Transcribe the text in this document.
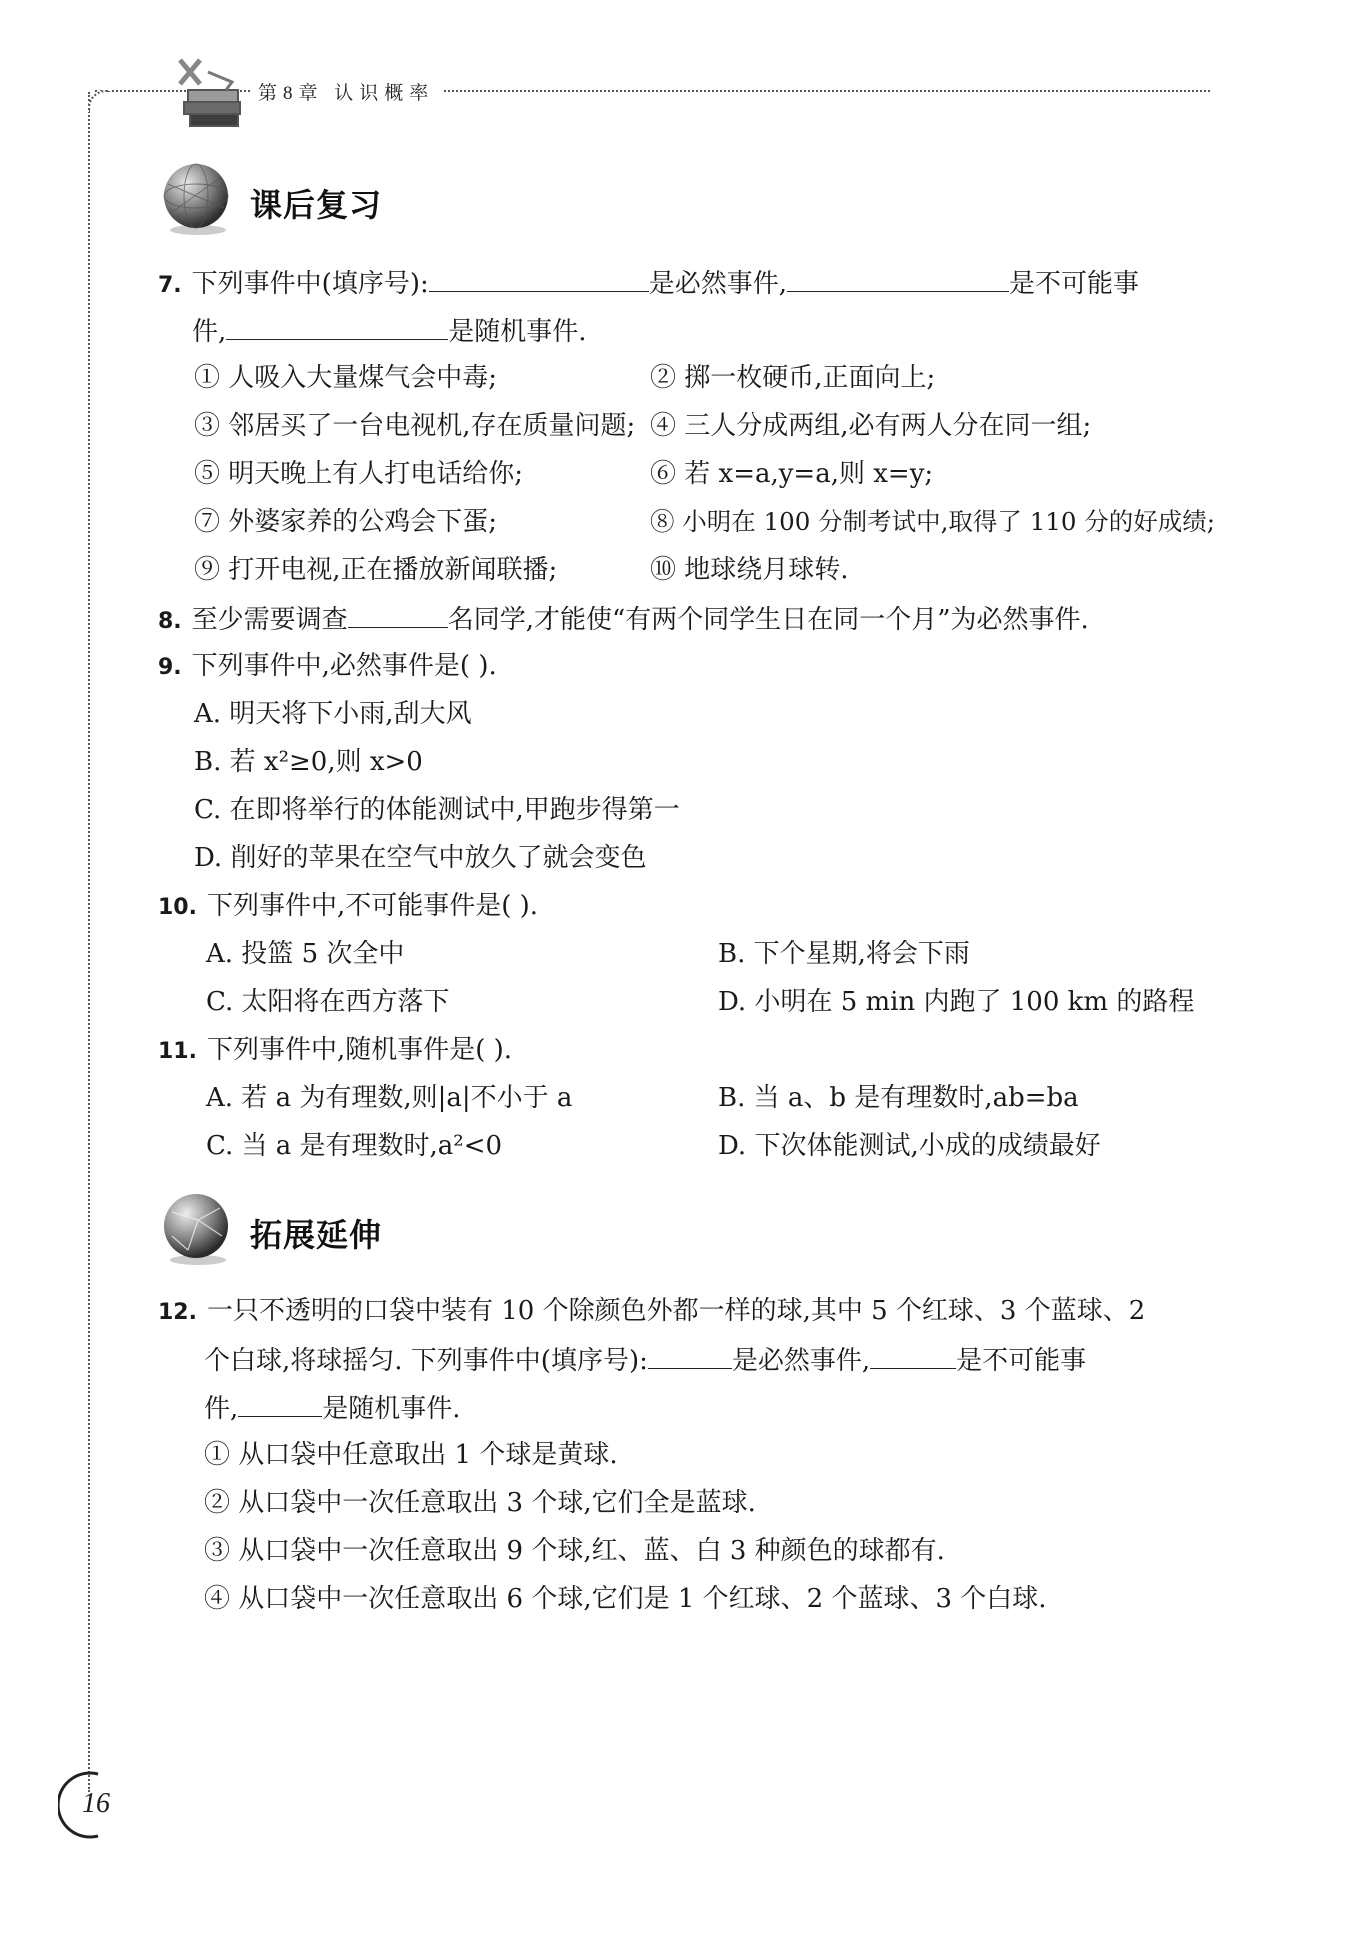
第8章 认识概率
课后复习
7. 下列事件中(填序号):	是必然事件,	是不可能事
件,	是随机事件.
① 人吸入大量煤气会中毒;	② 掷一枚硬币,正面向上;
③ 邻居买了一台电视机,存在质量问题; ④ 三人分成两组,必有两人分在同一组;
⑤ 明天晚上有人打电话给你;	⑥ 若 x=a,y=a,则 x=y;
⑦ 外婆家养的公鸡会下蛋;	⑧ 小明在 100 分制考试中,取得了 110 分的好成绩;
⑨ 打开电视,正在播放新闻联播;	⑩ 地球绕月球转.
8. 至少需要调查	名同学,才能使“有两个同学生日在同一个月”为必然事件.
9. 下列事件中,必然事件是( ).
A. 明天将下小雨,刮大风
B. 若 x²≥0,则 x>0
C. 在即将举行的体能测试中,甲跑步得第一
D. 削好的苹果在空气中放久了就会变色
10. 下列事件中,不可能事件是( ).
A. 投篮 5 次全中	B. 下个星期,将会下雨
C. 太阳将在西方落下	D. 小明在 5 min 内跑了 100 km 的路程
11. 下列事件中,随机事件是( ).
A. 若 a 为有理数,则|a|不小于 a	B. 当 a、b 是有理数时,ab=ba
C. 当 a 是有理数时,a²<0	D. 下次体能测试,小成的成绩最好
拓展延伸
12. 一只不透明的口袋中装有 10 个除颜色外都一样的球,其中 5 个红球、3 个蓝球、2
个白球,将球摇匀. 下列事件中(填序号):	是必然事件,	是不可能事
件,	是随机事件.
① 从口袋中任意取出 1 个球是黄球.
② 从口袋中一次任意取出 3 个球,它们全是蓝球.
③ 从口袋中一次任意取出 9 个球,红、蓝、白 3 种颜色的球都有.
④ 从口袋中一次任意取出 6 个球,它们是 1 个红球、2 个蓝球、3 个白球.
16
